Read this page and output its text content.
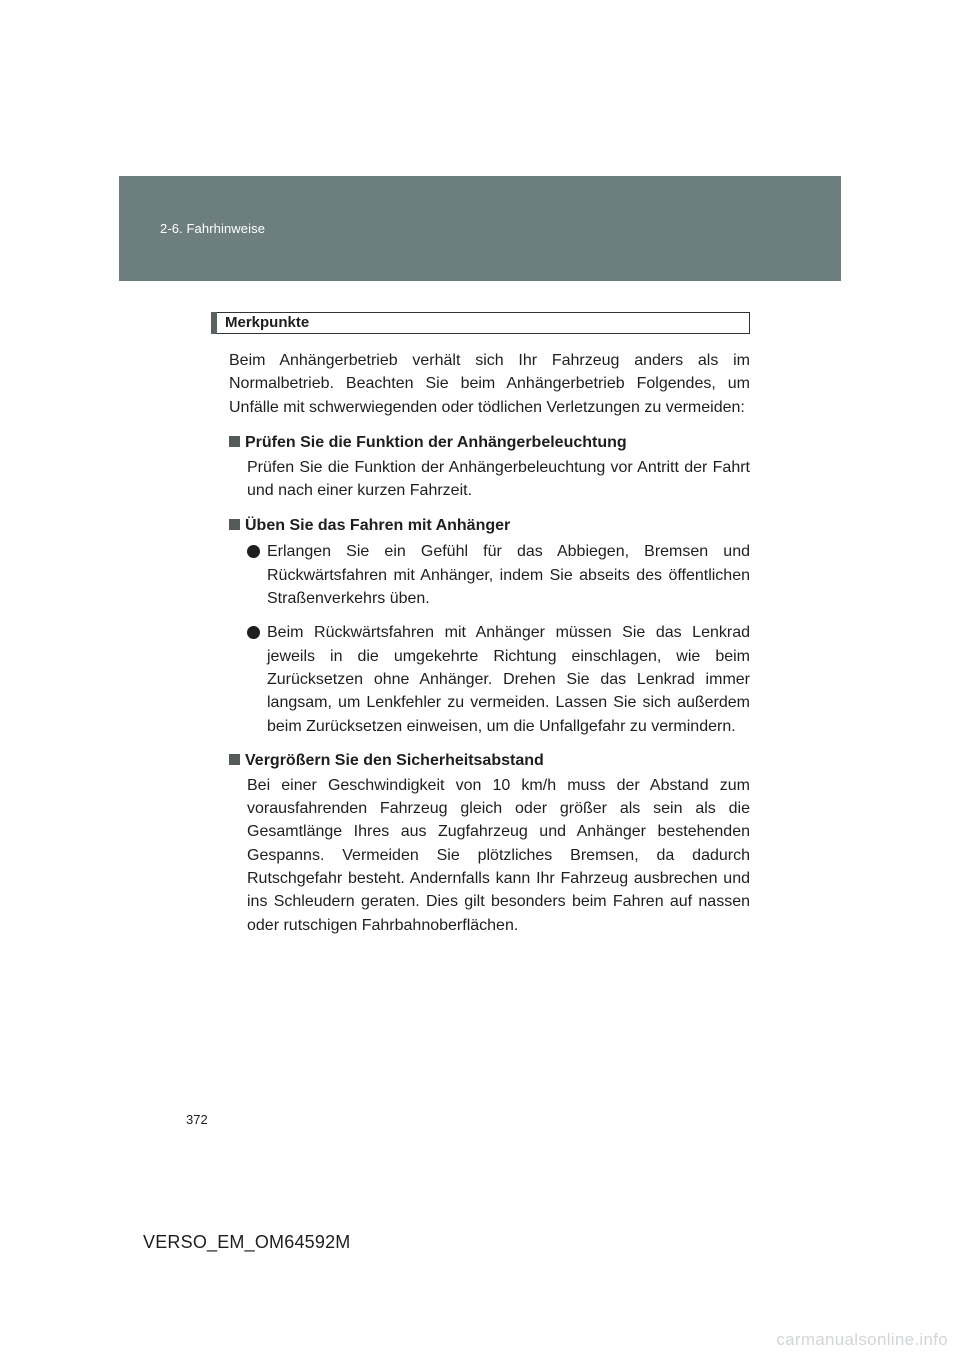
2-6. Fahrhinweise
Merkpunkte

Beim Anhängerbetrieb verhält sich Ihr Fahrzeug anders als im Normalbetrieb. Beachten Sie beim Anhängerbetrieb Folgendes, um Unfälle mit schwerwiegenden oder tödlichen Verletzungen zu vermeiden:

Prüfen Sie die Funktion der Anhängerbeleuchtung

Prüfen Sie die Funktion der Anhängerbeleuchtung vor Antritt der Fahrt und nach einer kurzen Fahrzeit.

Üben Sie das Fahren mit Anhänger

Erlangen Sie ein Gefühl für das Abbiegen, Bremsen und Rückwärtsfahren mit Anhänger, indem Sie abseits des öffentlichen Straßenverkehrs üben.

Beim Rückwärtsfahren mit Anhänger müssen Sie das Lenkrad jeweils in die umgekehrte Richtung einschlagen, wie beim Zurücksetzen ohne Anhänger. Drehen Sie das Lenkrad immer langsam, um Lenkfehler zu vermeiden. Lassen Sie sich außerdem beim Zurücksetzen einweisen, um die Unfallgefahr zu vermindern.

Vergrößern Sie den Sicherheitsabstand

Bei einer Geschwindigkeit von 10 km/h muss der Abstand zum vorausfahrenden Fahrzeug gleich oder größer als sein als die Gesamtlänge Ihres aus Zugfahrzeug und Anhänger bestehenden Gespanns. Vermeiden Sie plötzliches Bremsen, da dadurch Rutschgefahr besteht. Andernfalls kann Ihr Fahrzeug ausbrechen und ins Schleudern geraten. Dies gilt besonders beim Fahren auf nassen oder rutschigen Fahrbahnoberflächen.

372
VERSO_EM_OM64592M
carmanualsonline.info
